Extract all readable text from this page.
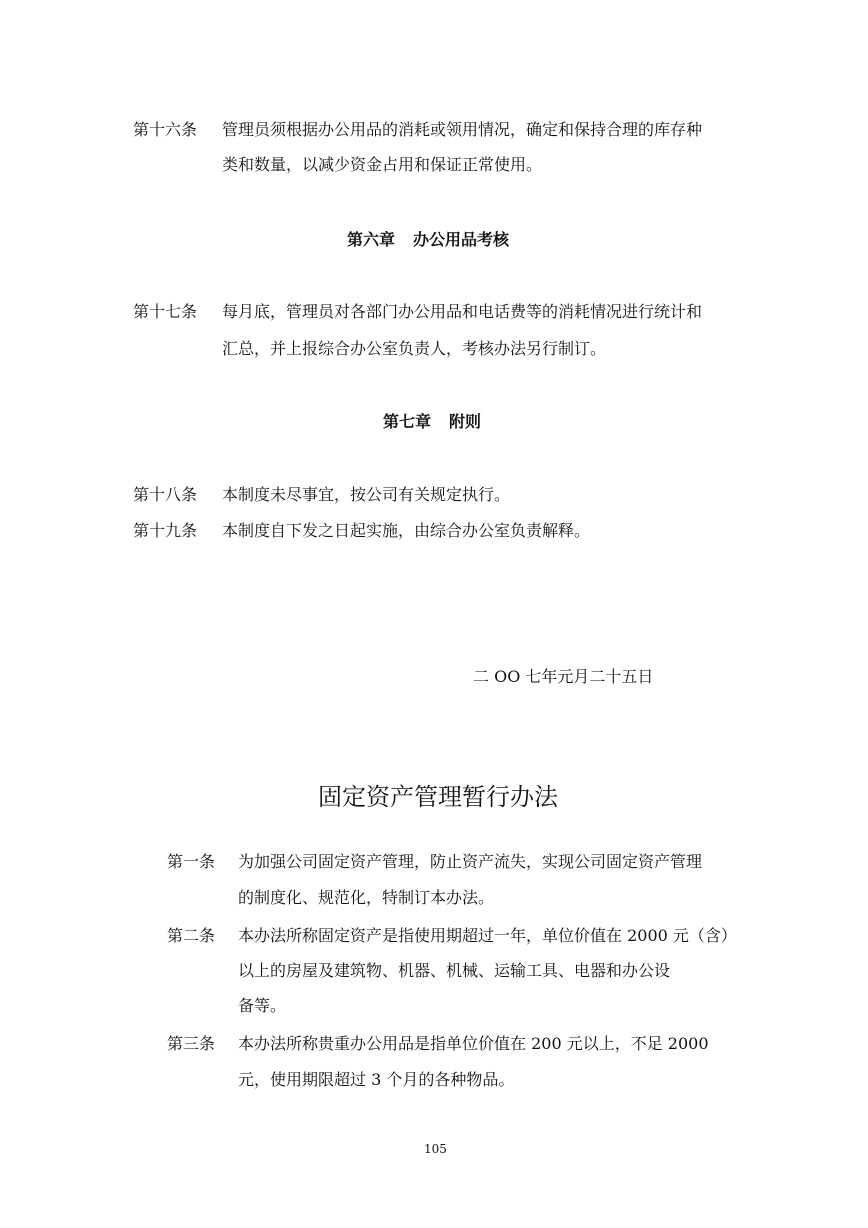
第十六条 管理员须根据办公用品的消耗或领用情况，确定和保持合理的库存种
类和数量，以减少资金占用和保证正常使用。
第六章 办公用品考核
第十七条 每月底，管理员对各部门办公用品和电话费等的消耗情况进行统计和
汇总，并上报综合办公室负责人，考核办法另行制订。
第七章 附则
第十八条 本制度未尽事宜，按公司有关规定执行。
第十九条 本制度自下发之日起实施，由综合办公室负责解释。
二 OO 七年元月二十五日
固定资产管理暂行办法
第一条 为加强公司固定资产管理，防止资产流失，实现公司固定资产管理
的制度化、规范化，特制订本办法。
第二条 本办法所称固定资产是指使用期超过一年，单位价值在 2000 元（含）
以上的房屋及建筑物、机器、机械、运输工具、电器和办公设
备等。
第三条 本办法所称贵重办公用品是指单位价值在 200 元以上，不足 2000
元，使用期限超过 3 个月的各种物品。
105
